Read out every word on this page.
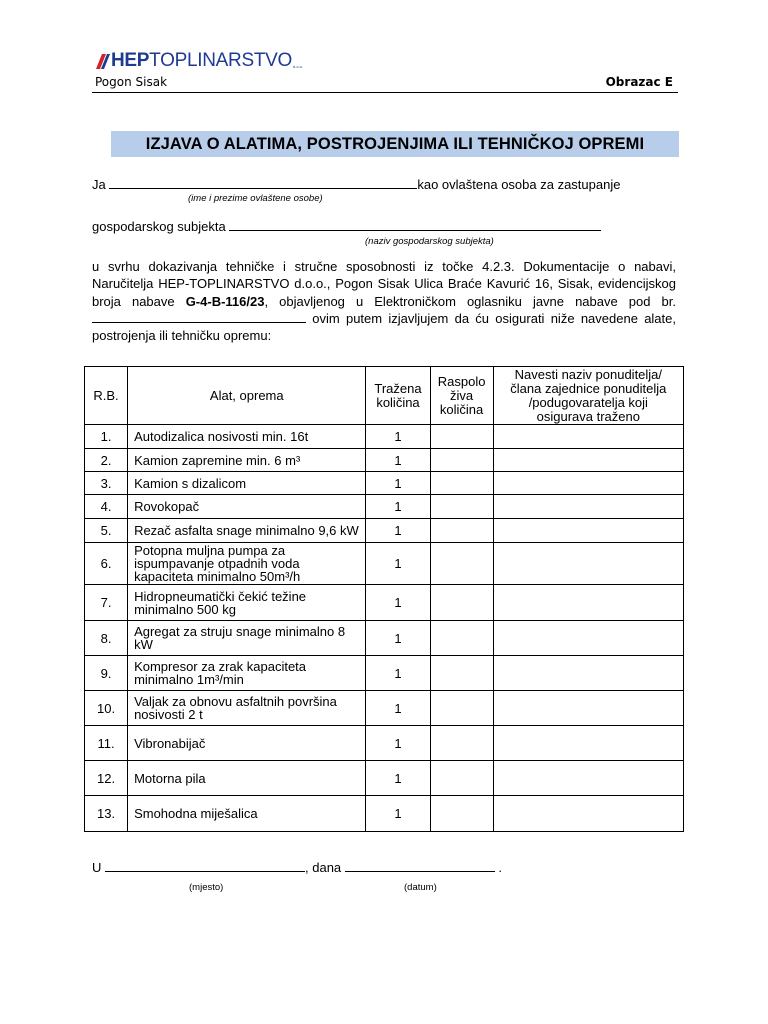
HEP TOPLINARSTVO d.o.o.
Pogon Sisak	Obrazac E
IZJAVA O ALATIMA, POSTROJENJIMA ILI TEHNIČKOJ OPREMI
Ja	kao ovlaštena osoba za zastupanje
(ime i prezime ovlaštene osobe)
gospodarskog subjekta
(naziv gospodarskog subjekta)
u svrhu dokazivanja tehničke i stručne sposobnosti iz točke 4.2.3. Dokumentacije o nabavi, Naručitelja HEP-TOPLINARSTVO d.o.o., Pogon Sisak Ulica Braće Kavurić 16, Sisak, evidencijskog broja nabave G-4-B-116/23, objavljenog u Elektroničkom oglasniku javne nabave pod br.  ovim putem izjavljujem da ću osigurati niže navedene alate, postrojenja ili tehničku opremu:
R.B.	Alat, oprema	Tražena količina	Raspolo živa količina	Navesti naziv ponuditelja/člana zajednice ponuditelja /podugovaratelja koji osigurava traženo
1.	Autodizalica nosivosti min. 16t	1		
2.	Kamion zapremine min. 6 m³	1		
3.	Kamion s dizalicom	1		
4.	Rovokopač	1		
5.	Rezač asfalta snage minimalno 9,6 kW	1		
6.	Potopna muljna pumpa za ispumpavanje otpadnih voda kapaciteta minimalno 50m³/h	1		
7.	Hidropneumatički čekić težine minimalno 500 kg	1		
8.	Agregat za struju snage minimalno 8 kW	1		
9.	Kompresor za zrak kapaciteta minimalno 1m³/min	1		
10.	Valjak za obnovu asfaltnih površina nosivosti 2 t	1		
11.	Vibronabijač	1		
12.	Motorna pila	1		
13.	Smohodna miješalica	1		
U	, dana	.
(mjesto)	(datum)
